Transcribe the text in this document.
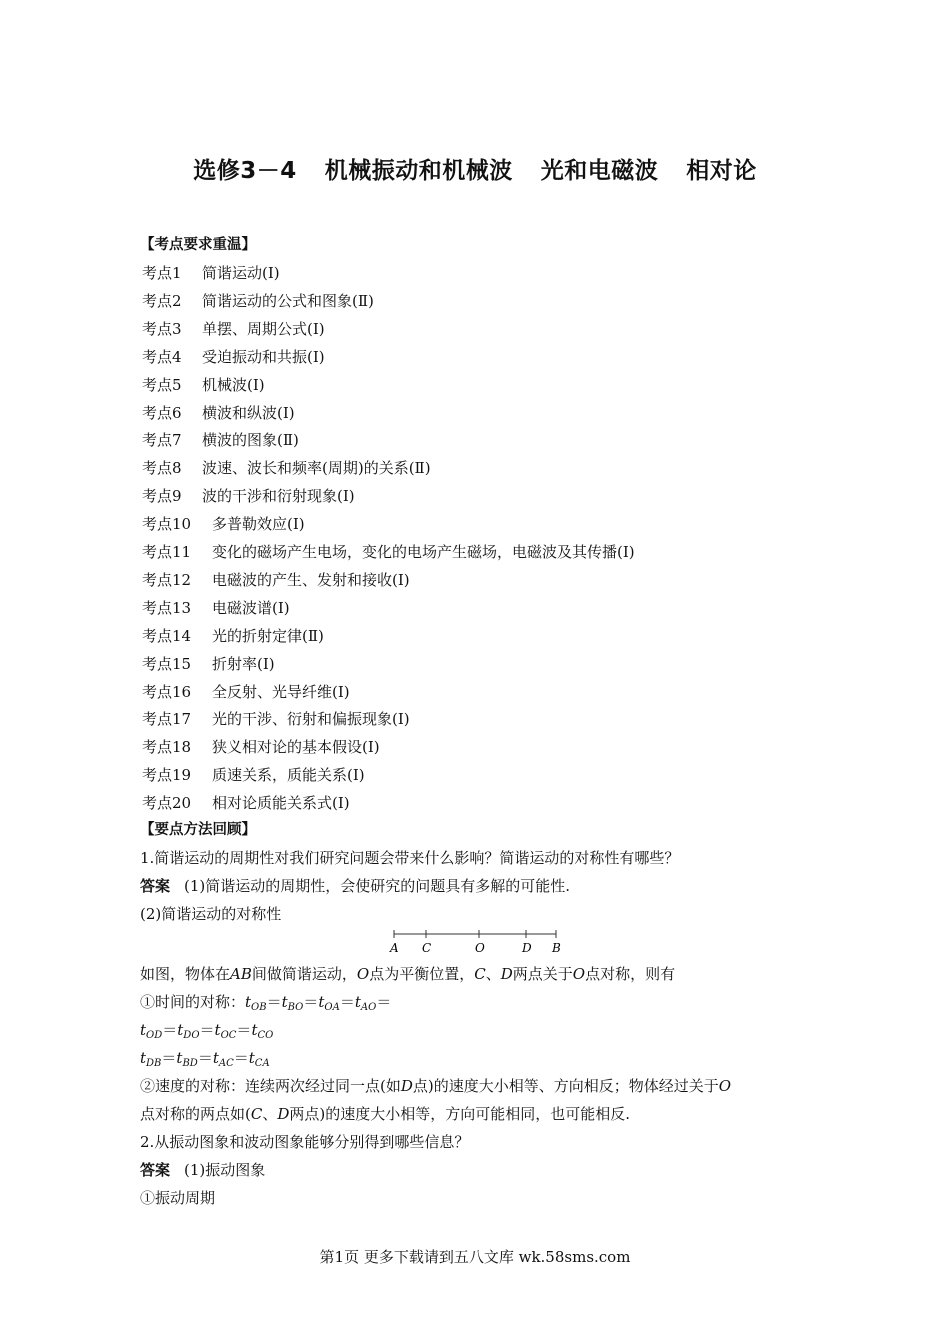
选修3－4 机械振动和机械波 光和电磁波 相对论
【考点要求重温】
考点1 简谐运动(Ⅰ)
考点2 简谐运动的公式和图象(Ⅱ)
考点3 单摆、周期公式(Ⅰ)
考点4 受迫振动和共振(Ⅰ)
考点5 机械波(Ⅰ)
考点6 横波和纵波(Ⅰ)
考点7 横波的图象(Ⅱ)
考点8 波速、波长和频率(周期)的关系(Ⅱ)
考点9 波的干涉和衍射现象(Ⅰ)
考点10 多普勒效应(Ⅰ)
考点11 变化的磁场产生电场，变化的电场产生磁场，电磁波及其传播(Ⅰ)
考点12 电磁波的产生、发射和接收(Ⅰ)
考点13 电磁波谱(Ⅰ)
考点14 光的折射定律(Ⅱ)
考点15 折射率(Ⅰ)
考点16 全反射、光导纤维(Ⅰ)
考点17 光的干涉、衍射和偏振现象(Ⅰ)
考点18 狭义相对论的基本假设(Ⅰ)
考点19 质速关系，质能关系(Ⅰ)
考点20 相对论质能关系式(Ⅰ)
【要点方法回顾】
1.简谐运动的周期性对我们研究问题会带来什么影响？简谐运动的对称性有哪些？
答案 (1)简谐运动的周期性，会使研究的问题具有多解的可能性.
(2)简谐运动的对称性
A C	O	D B
如图，物体在AB间做简谐运动，O点为平衡位置，C、D两点关于O点对称，则有
①时间的对称：$t_{OB}=t_{BO}=t_{OA}=t_{AO}=$
$t_{OD}=t_{DO}=t_{OC}=t_{CO}$
$t_{DB}=t_{BD}=t_{AC}=t_{CA}$
②速度的对称：连续两次经过同一点(如D点)的速度大小相等、方向相反；物体经过关于O
点对称的两点如(C、D两点)的速度大小相等，方向可能相同，也可能相反.
2.从振动图象和波动图象能够分别得到哪些信息？
答案 (1)振动图象
①振动周期
第1页 更多下载请到五八文库 wk.58sms.com
